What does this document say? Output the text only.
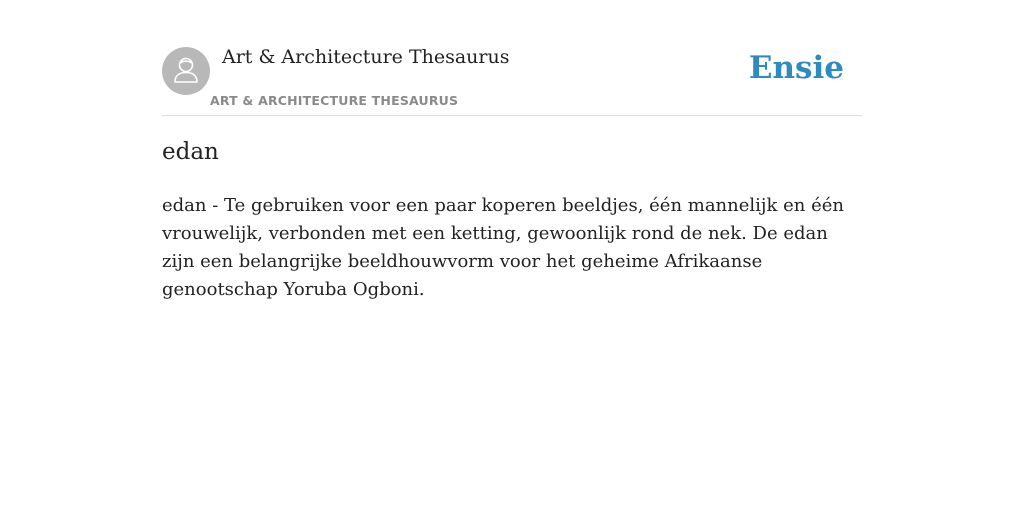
Art & Architecture Thesaurus
ART & ARCHITECTURE THESAURUS
Ensie
edan

edan - Te gebruiken voor een paar koperen beeldjes, één mannelijk en één vrouwelijk, verbonden met een ketting, gewoonlijk rond de nek. De edan zijn een belangrijke beeldhouwvorm voor het geheime Afrikaanse genootschap Yoruba Ogboni.
